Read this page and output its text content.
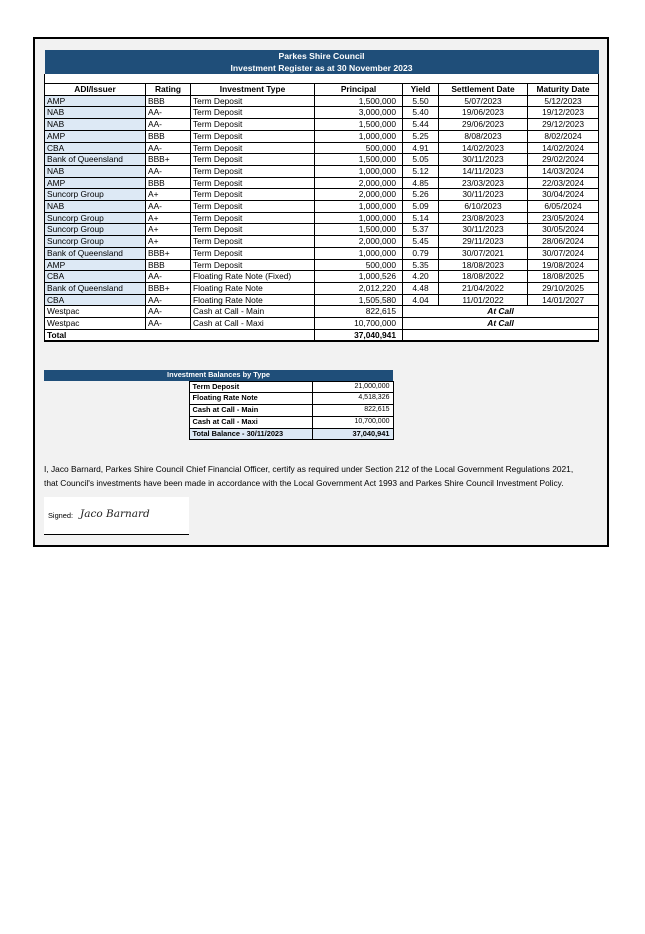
Parkes Shire Council						
Investment Register as at 30 November 2023						

ADI/Issuer	Rating	Investment Type	Principal	Yield	Settlement Date	Maturity Date
AMP	BBB	Term Deposit	1,500,000	5.50	5/07/2023	5/12/2023
NAB	AA-	Term Deposit	3,000,000	5.40	19/06/2023	19/12/2023
NAB	AA-	Term Deposit	1,500,000	5.44	29/06/2023	29/12/2023
AMP	BBB	Term Deposit	1,000,000	5.25	8/08/2023	8/02/2024
CBA	AA-	Term Deposit	500,000	4.91	14/02/2023	14/02/2024
Bank of Queensland	BBB+	Term Deposit	1,500,000	5.05	30/11/2023	29/02/2024
NAB	AA-	Term Deposit	1,000,000	5.12	14/11/2023	14/03/2024
AMP	BBB	Term Deposit	2,000,000	4.85	23/03/2023	22/03/2024
Suncorp Group	A+	Term Deposit	2,000,000	5.26	30/11/2023	30/04/2024
NAB	AA-	Term Deposit	1,000,000	5.09	6/10/2023	6/05/2024
Suncorp Group	A+	Term Deposit	1,000,000	5.14	23/08/2023	23/05/2024
Suncorp Group	A+	Term Deposit	1,500,000	5.37	30/11/2023	30/05/2024
Suncorp Group	A+	Term Deposit	2,000,000	5.45	29/11/2023	28/06/2024
Bank of Queensland	BBB+	Term Deposit	1,000,000	0.79	30/07/2021	30/07/2024
AMP	BBB	Term Deposit	500,000	5.35	18/08/2023	19/08/2024
CBA	AA-	Floating Rate Note (Fixed)	1,000,526	4.20	18/08/2022	18/08/2025
Bank of Queensland	BBB+	Floating Rate Note	2,012,220	4.48	21/04/2022	29/10/2025
CBA	AA-	Floating Rate Note	1,505,580	4.04	11/01/2022	14/01/2027
Westpac	AA-	Cash at Call - Main	822,615	At Call		
Westpac	AA-	Cash at Call - Maxi	10,700,000	At Call		
Total			37,040,941			
Investment Balances by Type		
	Term Deposit	21,000,000
	Floating Rate Note	4,518,326
	Cash at Call - Main	822,615
	Cash at Call - Maxi	10,700,000
	Total Balance - 30/11/2023	37,040,941
I, Jaco Barnard, Parkes Shire Council Chief Financial Officer, certify as required under Section 212 of the Local Government Regulations 2021, that Council's investments have been made in accordance with the Local Government Act 1993 and Parkes Shire Council Investment Policy.
Signed: Jaco Barnard
